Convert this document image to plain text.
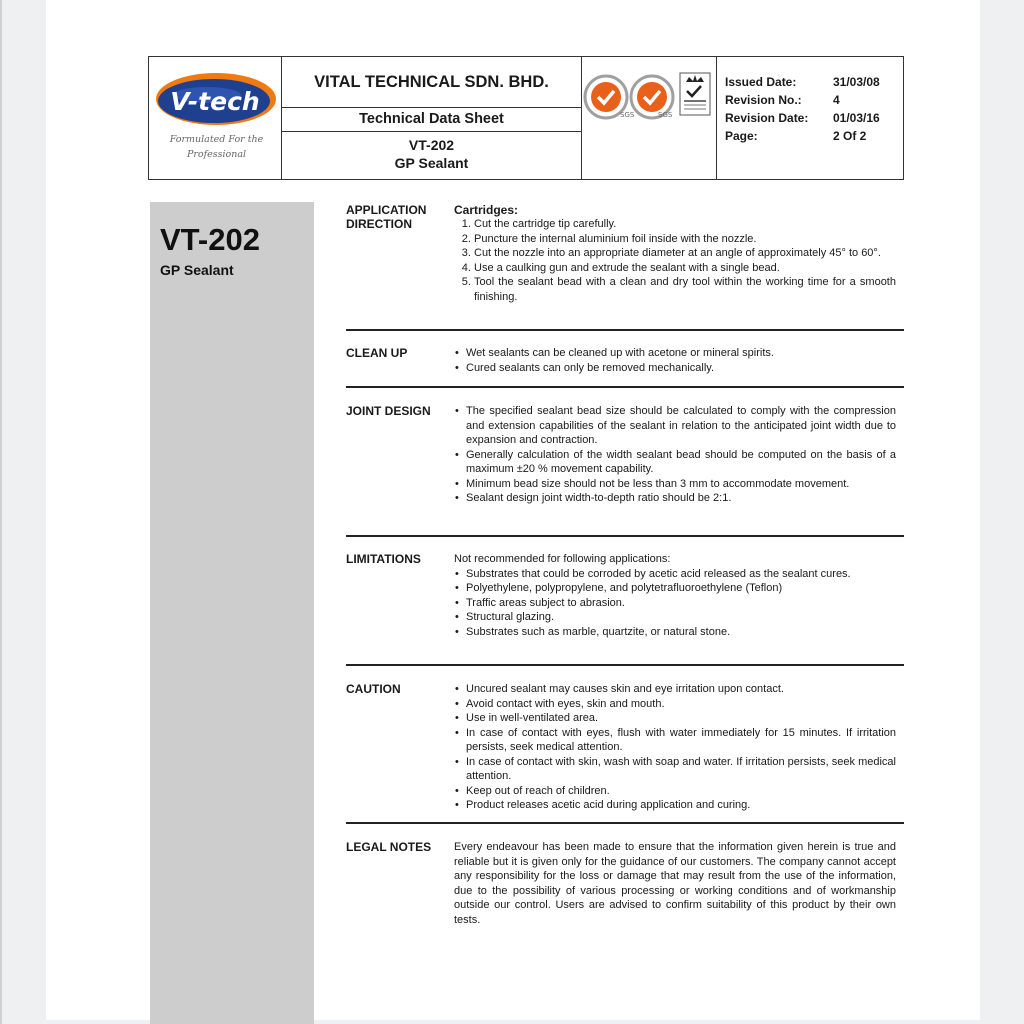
V-tech
Formulated For the
Professional
VITAL TECHNICAL SDN. BHD.
Technical Data Sheet
VT-202
GP Sealant
SGS	SGS
Issued Date:	31/03/08
Revision No.:	4
Revision Date: 01/03/16
Page:	2 Of 2
VT-202
GP Sealant
APPLICATION DIRECTION
Cartridges:
1. Cut the cartridge tip carefully.
2. Puncture the internal aluminium foil inside with the nozzle.
3. Cut the nozzle into an appropriate diameter at an angle of approximately 45° to 60°.
4. Use a caulking gun and extrude the sealant with a single bead.
5. Tool the sealant bead with a clean and dry tool within the working time for a smooth finishing.
CLEAN UP	• Wet sealants can be cleaned up with acetone or mineral spirits.
• Cured sealants can only be removed mechanically.
JOINT DESIGN	• The specified sealant bead size should be calculated to comply with the compression and extension capabilities of the sealant in relation to the anticipated joint width due to expansion and contraction.
• Generally calculation of the width sealant bead should be computed on the basis of a maximum ±20 % movement capability.
• Minimum bead size should not be less than 3 mm to accommodate movement.
• Sealant design joint width-to-depth ratio should be 2:1.
LIMITATIONS	Not recommended for following applications:

• Substrates that could be corroded by acetic acid released as the sealant cures.
• Polyethylene, polypropylene, and polytetrafluoroethylene (Teflon)
• Traffic areas subject to abrasion.
• Structural glazing.
• Substrates such as marble, quartzite, or natural stone.
CAUTION	• Uncured sealant may causes skin and eye irritation upon contact.
• Avoid contact with eyes, skin and mouth.
• Use in well-ventilated area.
• In case of contact with eyes, flush with water immediately for 15 minutes. If irritation persists, seek medical attention.
• In case of contact with skin, wash with soap and water. If irritation persists, seek medical attention.
• Keep out of reach of children.
• Product releases acetic acid during application and curing.
LEGAL NOTES	Every endeavour has been made to ensure that the information given herein is true and reliable but it is given only for the guidance of our customers. The company cannot accept any responsibility for the loss or damage that may result from the use of the information, due to the possibility of various processing or working conditions and of workmanship outside our control. Users are advised to confirm suitability of this product by their own tests.
